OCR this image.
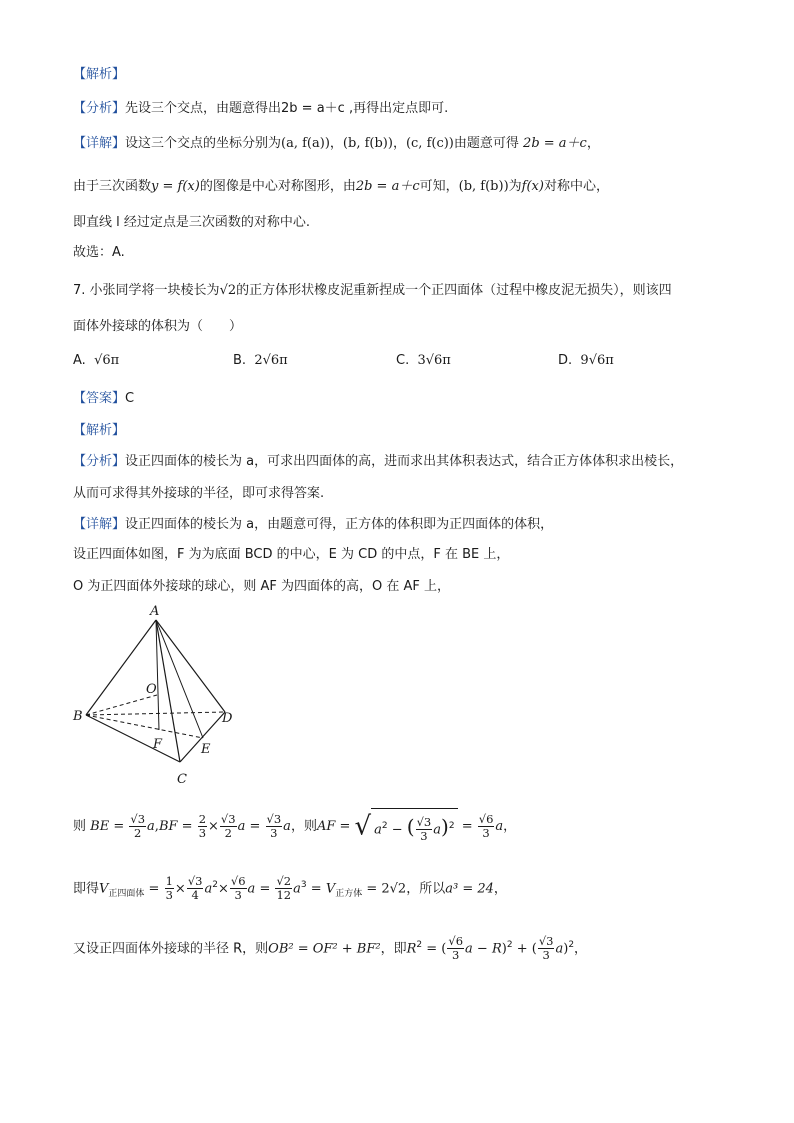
【解析】
【分析】先设三个交点，由题意得出2b = a＋c ,再得出定点即可.
【详解】设这三个交点的坐标分别为(a, f(a))，(b, f(b))，(c, f(c))由题意可得 2b = a＋c，
由于三次函数y = f(x)的图像是中心对称图形，由2b = a＋c可知，(b, f(b))为f(x)对称中心，
即直线 l 经过定点是三次函数的对称中心.
故选：A.
7. 小张同学将一块棱长为√2的正方体形状橡皮泥重新捏成一个正四面体（过程中橡皮泥无损失），则该四
面体外接球的体积为（　　）
A. √6π	B. 2√6π	C. 3√6π	D. 9√6π
【答案】C
【解析】
【分析】设正四面体的棱长为 a，可求出四面体的高，进而求出其体积表达式，结合正方体体积求出棱长，
从而可求得其外接球的半径，即可求得答案.
【详解】设正四面体的棱长为 a，由题意可得，正方体的体积即为正四面体的体积，
设正四面体如图，F 为为底面 BCD 的中心，E 为 CD 的中点，F 在 BE 上，
O 为正四面体外接球的球心，则 AF 为四面体的高，O 在 AF 上，
A
O
B	D
F	E
C
则 BE = $\frac{√3}{2} a,BF = \frac{2}{3} \times \frac{√3}{2}$ $a = \frac{√3}{3}$ a，则AF = √ $a^2$ − ( $\frac{√3}{3} a)^2 = \frac{√6}{3}$ a，
即得$V_{正四面体} = \frac{1}{3} \times \frac{√3}{4} a^2\times \frac{√6}{3}$ $a = \frac{√2}{12} a^3 = V_{正方体} = 2√2$，所以a³ = 24，
又设正四面体外接球的半径 R，则OB² = OF² + BF²，即$R^2$ = ( $\frac{√6}{3}$ a − R)$^2$ + ( $\frac{√3}{3} a)^2$，
